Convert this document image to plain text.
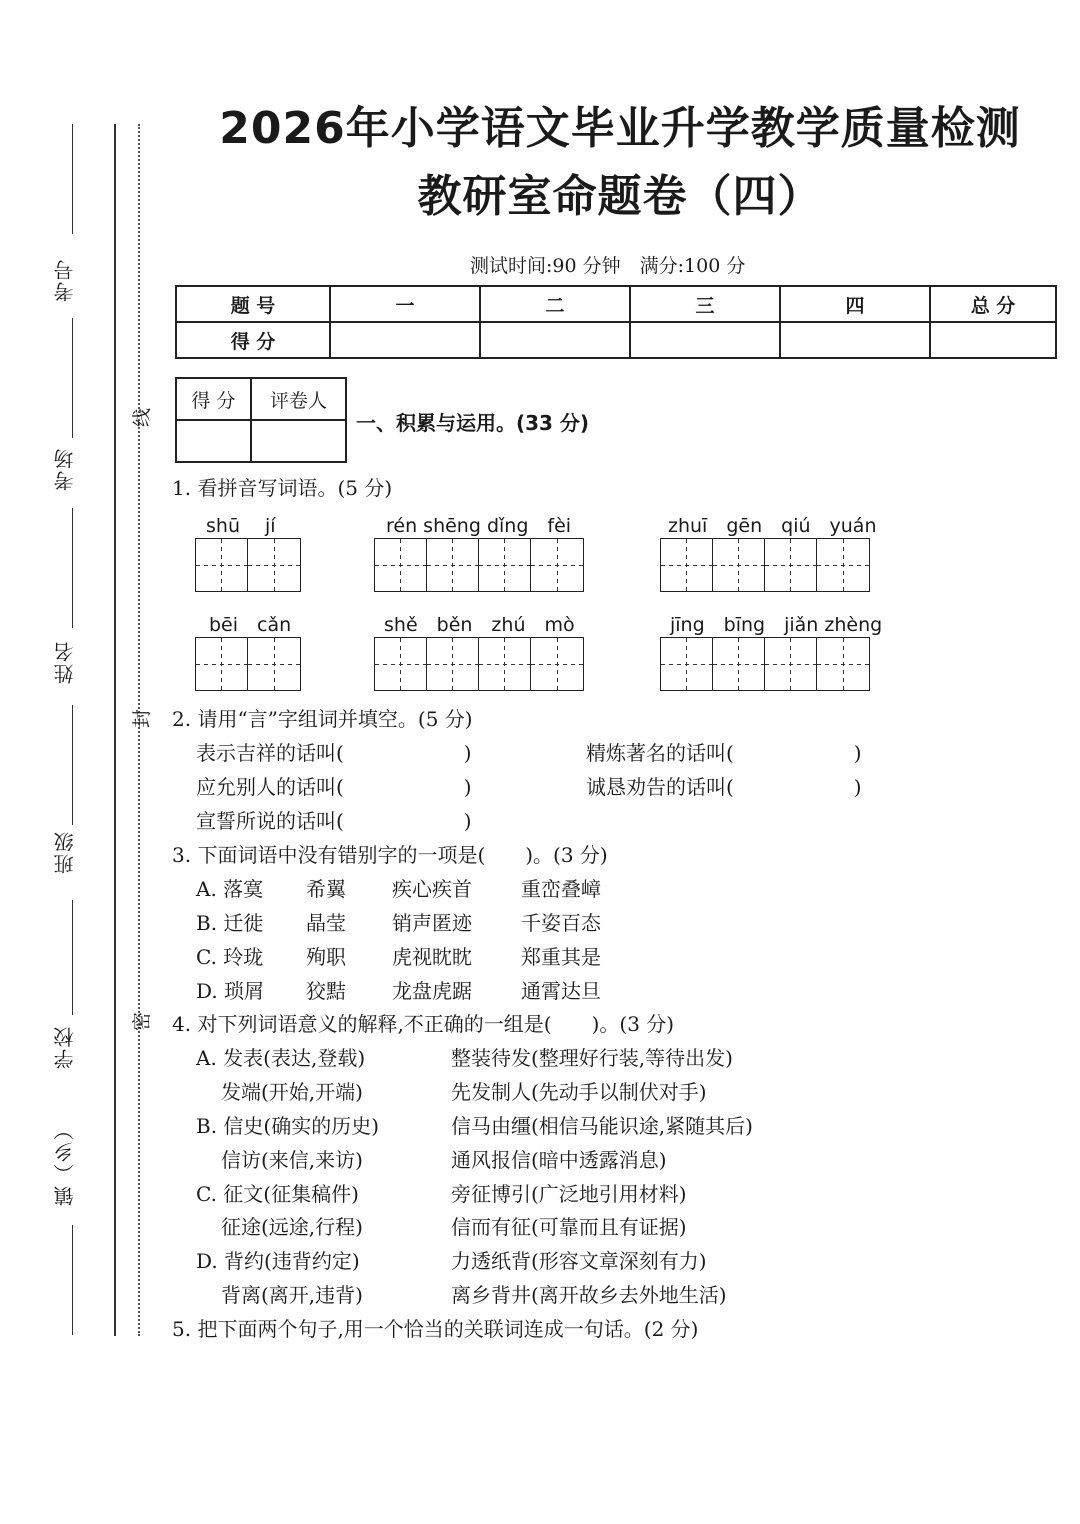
考号
考场
姓名
班级
学校
镇（乡）
线
封
密
2026年小学语文毕业升学教学质量检测
教研室命题卷（四）
测试时间:90 分钟　满分:100 分
题 号	一	二	三	四	总 分
得 分					
得 分	评卷人

一、积累与运用。(33 分)
1. 看拼音写词语。(5 分)
shū　 jí	rén shēng dǐng　fèi	zhuī　gēn　qiú　yuán
bēi　cǎn	shě　běn　zhú　mò	jīng　bīng　jiǎn zhèng
2. 请用“言”字组词并填空。(5 分)
表示吉祥的话叫(　　　　　　)	精炼著名的话叫(　　　　　　)
应允别人的话叫(　　　　　　)	诚恳劝告的话叫(　　　　　　)
宣誓所说的话叫(　　　　　　)
3. 下面词语中没有错别字的一项是(　　)。(3 分)
A. 落寞 希翼 疾心疾首 重峦叠嶂
B. 迁徙 晶莹 销声匿迹 千姿百态
C. 玲珑 殉职 虎视眈眈 郑重其是
D. 琐屑 狡黠 龙盘虎踞 通霄达旦
4. 对下列词语意义的解释,不正确的一组是(　　)。(3 分)
A. 发表(表达,登载)	整装待发(整理好行装,等待出发)
发端(开始,开端)	先发制人(先动手以制伏对手)
B. 信史(确实的历史)	信马由缰(相信马能识途,紧随其后)
信访(来信,来访)	通风报信(暗中透露消息)
C. 征文(征集稿件)	旁征博引(广泛地引用材料)
征途(远途,行程)	信而有征(可靠而且有证据)
D. 背约(违背约定)	力透纸背(形容文章深刻有力)
背离(离开,违背)	离乡背井(离开故乡去外地生活)
5. 把下面两个句子,用一个恰当的关联词连成一句话。(2 分)
